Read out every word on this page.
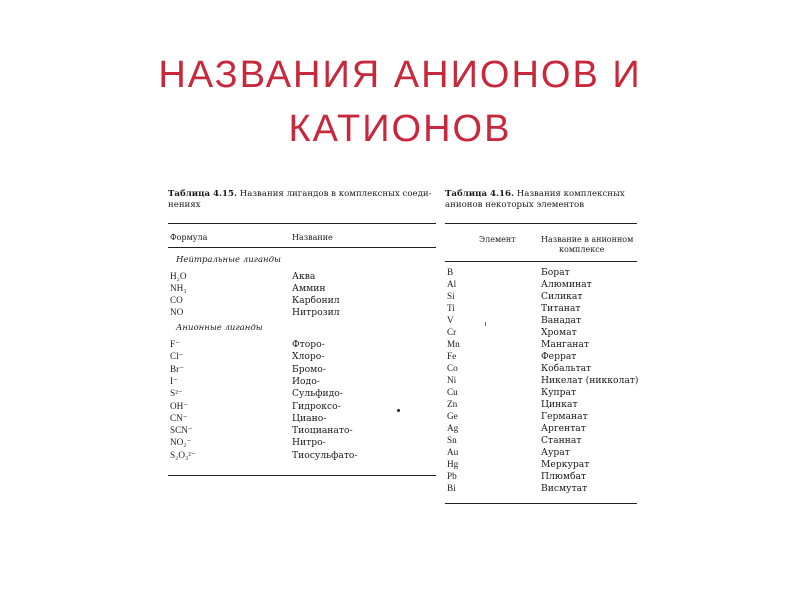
НАЗВАНИЯ АНИОНОВ И
КАТИОНОВ
Таблица 4.15. Названия лигандов в комплексных соеди-
нениях
Формула	Название
Нейтральные лиганды
H₂O	Аква
NH₃	Аммин
CO	Карбонил
NO	Нитрозил
Анионные лиганды
F⁻	Фторо-
Cl⁻	Хлоро-
Br⁻	Бромо-
I⁻	Иодо-
S²⁻	Сульфидо-
OH⁻	Гидроксо-
CN⁻	Циано-
SCN⁻	Тиоцианато-
NO₂⁻	Нитро-
S₂O₃²⁻	Тиосульфато-
Таблица 4.16. Названия комплексных
анионов некоторых элементов
Элемент	Название в анионном
комплексе
B	Борат
Al	Алюминат
Si	Силикат
Ti	Титанат
V	Ванадат
Cr	Хромат
Mn	Манганат
Fe	Феррат
Co	Кобальтат
Ni	Никелат (никколат)
Cu	Купрат
Zn	Цинкат
Ge	Германат
Ag	Аргентат
Sn	Станнат
Au	Аурат
Hg	Меркурат
Pb	Плюмбат
Bi	Висмутат
